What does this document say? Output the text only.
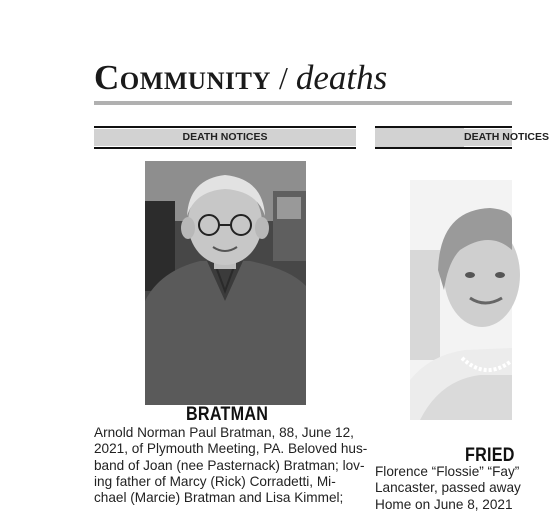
Community / deaths
DEATH NOTICES
BRATMAN
Arnold Norman Paul Bratman, 88, June 12,
2021, of Plymouth Meeting, PA. Beloved hus-
band of Joan (nee Pasternack) Bratman; lov-
ing father of Marcy (Rick) Corradetti, Mi-
chael (Marcie) Bratman and Lisa Kimmel;
DEATH NOTICES
FRIED
Florence “Flossie” “Fay”
Lancaster, passed away
Home on June 8, 2021
